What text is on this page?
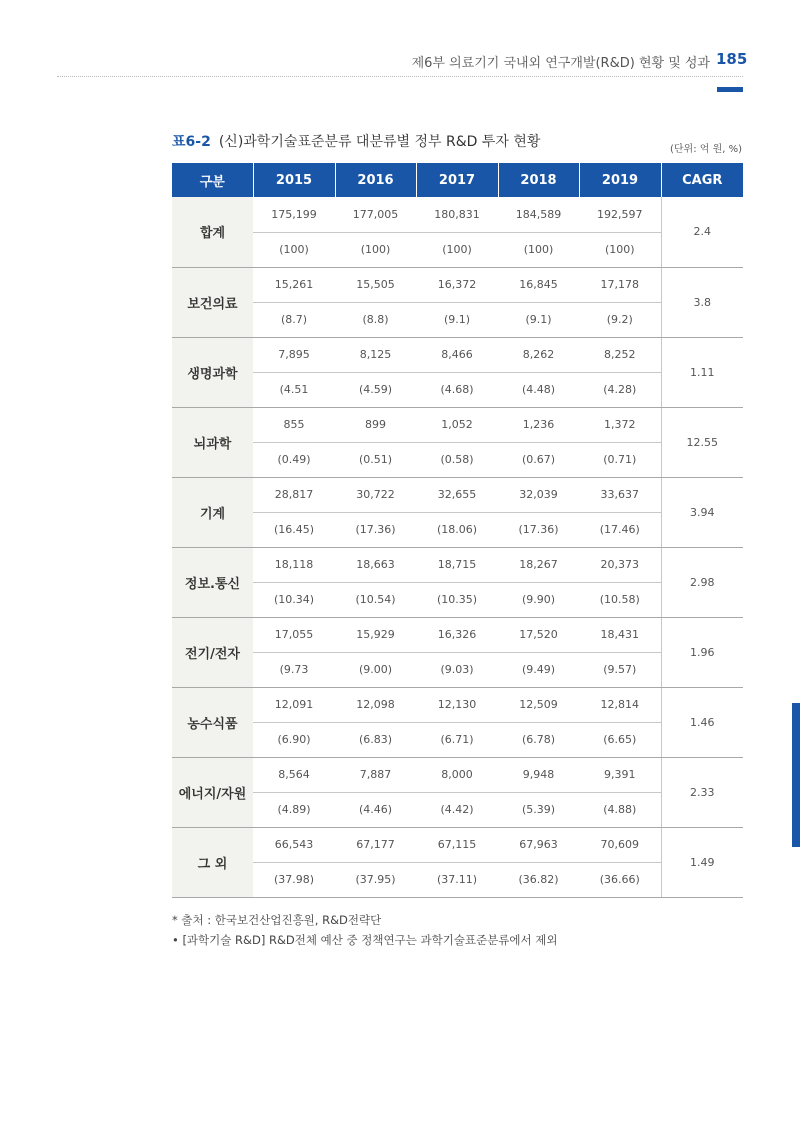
제6부 의료기기 국내외 연구개발(R&D) 현황 및 성과 185
표6-2 (신)과학기술표준분류 대분류별 정부 R&D 투자 현황	(단위: 억 원, %)
구분	2015	2016	2017	2018	2019	CAGR
합계	175,199	177,005	180,831	184,589	192,597	2.4
	(100)	(100)	(100)	(100)	(100)	
보건의료	15,261	15,505	16,372	16,845	17,178	3.8
	(8.7)	(8.8)	(9.1)	(9.1)	(9.2)	
생명과학	7,895	8,125	8,466	8,262	8,252	1.11
	(4.51	(4.59)	(4.68)	(4.48)	(4.28)	
뇌과학	855	899	1,052	1,236	1,372	12.55
	(0.49)	(0.51)	(0.58)	(0.67)	(0.71)	
기계	28,817	30,722	32,655	32,039	33,637	3.94
	(16.45)	(17.36)	(18.06)	(17.36)	(17.46)	
정보.통신	18,118	18,663	18,715	18,267	20,373	2.98
	(10.34)	(10.54)	(10.35)	(9.90)	(10.58)	
전기/전자	17,055	15,929	16,326	17,520	18,431	1.96
	(9.73	(9.00)	(9.03)	(9.49)	(9.57)	
농수식품	12,091	12,098	12,130	12,509	12,814	1.46
	(6.90)	(6.83)	(6.71)	(6.78)	(6.65)	
에너지/자원	8,564	7,887	8,000	9,948	9,391	2.33
	(4.89)	(4.46)	(4.42)	(5.39)	(4.88)	
그 외	66,543	67,177	67,115	67,963	70,609	1.49
	(37.98)	(37.95)	(37.11)	(36.82)	(36.66)	
* 출처 : 한국보건산업진흥원, R&D전략단
• [과학기술 R&D] R&D전체 예산 중 정책연구는 과학기술표준분류에서 제외
